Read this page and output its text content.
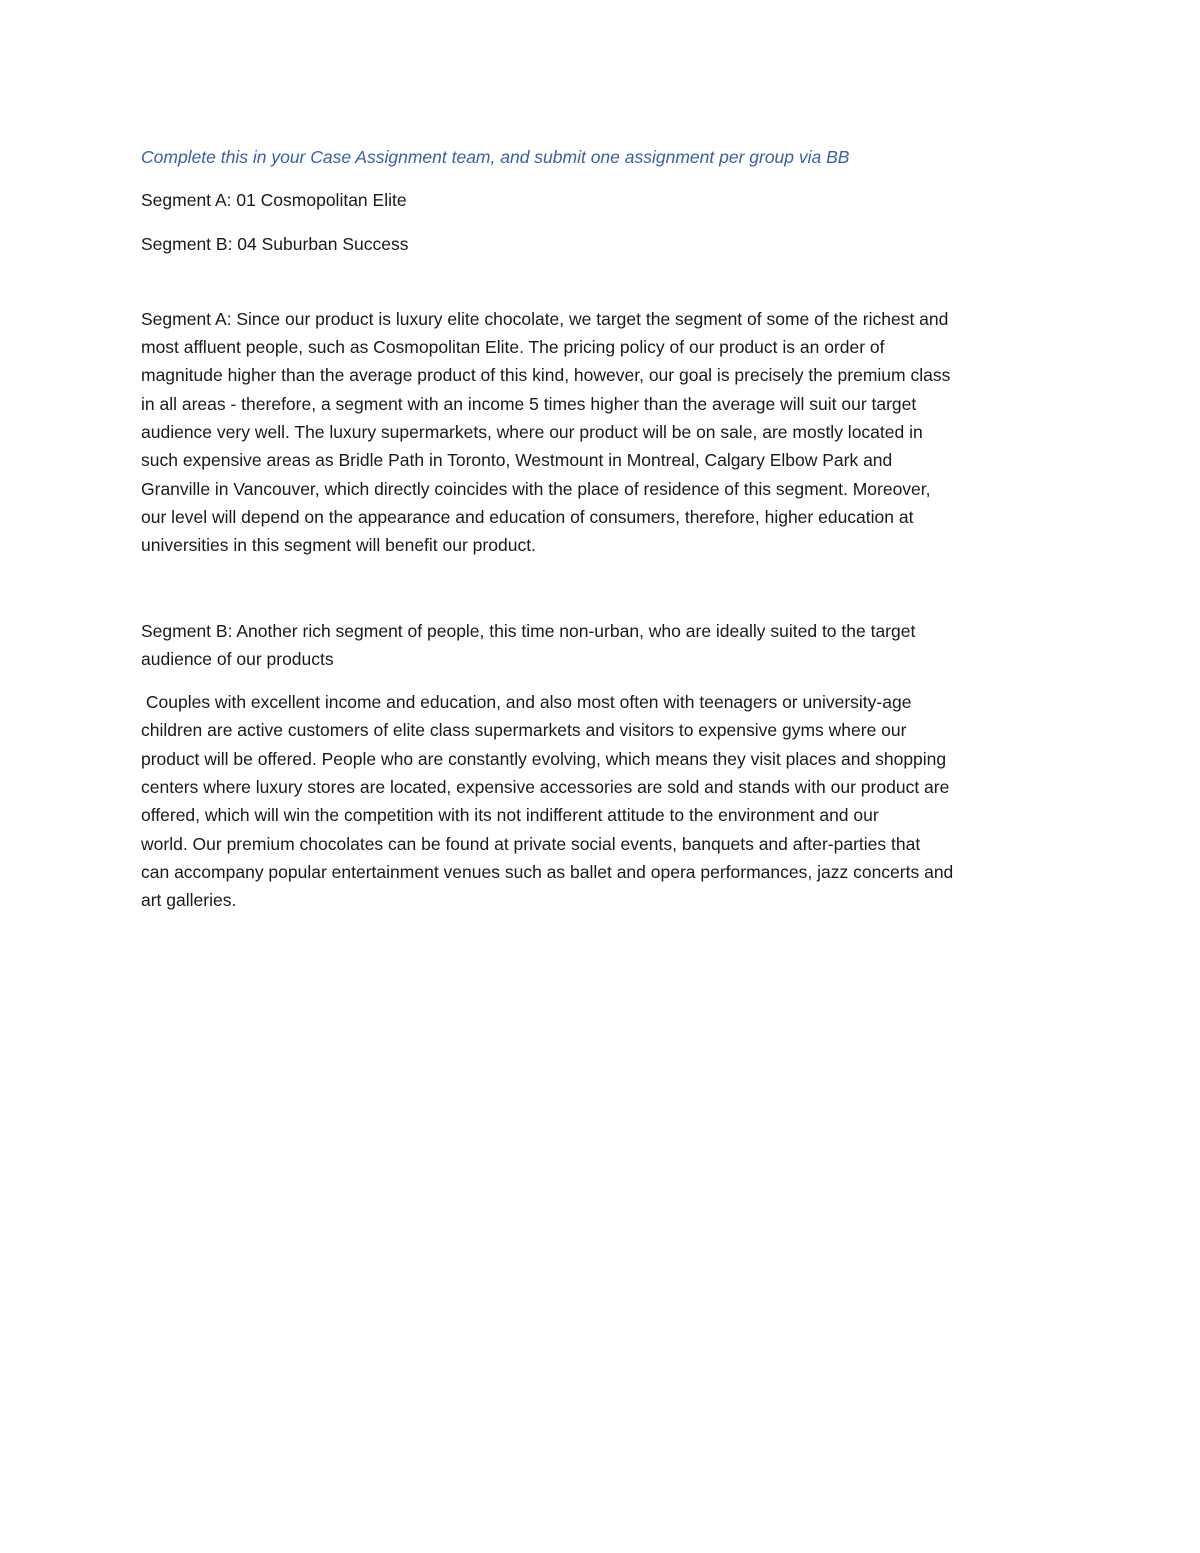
Complete this in your Case Assignment team, and submit one assignment per group via BB

Segment A: 01 Cosmopolitan Elite

Segment B: 04 Suburban Success

Segment A: Since our product is luxury elite chocolate, we target the segment of some of the richest and

most affluent people, such as Cosmopolitan Elite. The pricing policy of our product is an order of

magnitude higher than the average product of this kind, however, our goal is precisely the premium class

in all areas - therefore, a segment with an income 5 times higher than the average will suit our target

audience very well. The luxury supermarkets, where our product will be on sale, are mostly located in

such expensive areas as Bridle Path in Toronto, Westmount in Montreal, Calgary Elbow Park and

Granville in Vancouver, which directly coincides with the place of residence of this segment. Moreover,

our level will depend on the appearance and education of consumers, therefore, higher education at

universities in this segment will benefit our product.

Segment B: Another rich segment of people, this time non-urban, who are ideally suited to the target

audience of our products

Couples with excellent income and education, and also most often with teenagers or university-age

children are active customers of elite class supermarkets and visitors to expensive gyms where our

product will be offered. People who are constantly evolving, which means they visit places and shopping

centers where luxury stores are located, expensive accessories are sold and stands with our product are

offered, which will win the competition with its not indifferent attitude to the environment and our

world. Our premium chocolates can be found at private social events, banquets and after-parties that

can accompany popular entertainment venues such as ballet and opera performances, jazz concerts and

art galleries.
